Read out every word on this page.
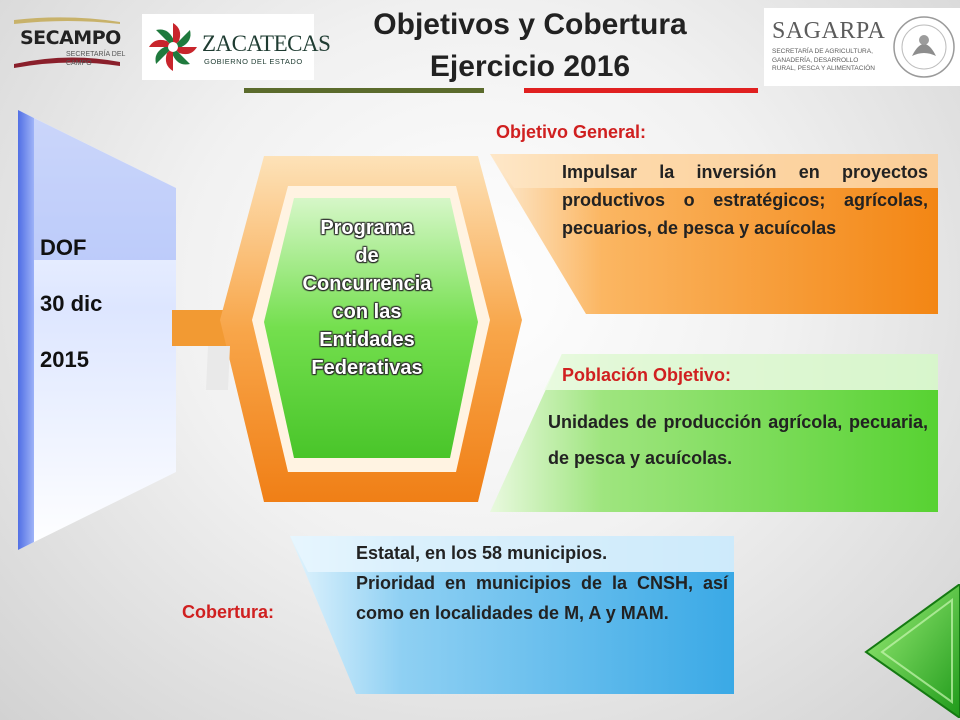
SECAMPO
SECRETARÍA DEL CAMPO
ZACATECAS
GOBIERNO DEL ESTADO
Objetivos y Cobertura
Ejercicio 2016
SAGARPA
SECRETARÍA DE AGRICULTURA, GANADERÍA, DESARROLLO RURAL, PESCA Y ALIMENTACIÓN
DOF
30 dic
2015
Programa
de
Concurrencia
con las
Entidades
Federativas
Objetivo General:
Impulsar la inversión en proyectos productivos o estratégicos; agrícolas, pecuarios, de pesca y acuícolas
Población Objetivo:
Unidades de producción agrícola, pecuaria, de pesca y acuícolas.
Cobertura:
Estatal, en los 58 municipios.
Prioridad en municipios de la CNSH, así como en localidades de M, A y MAM.
